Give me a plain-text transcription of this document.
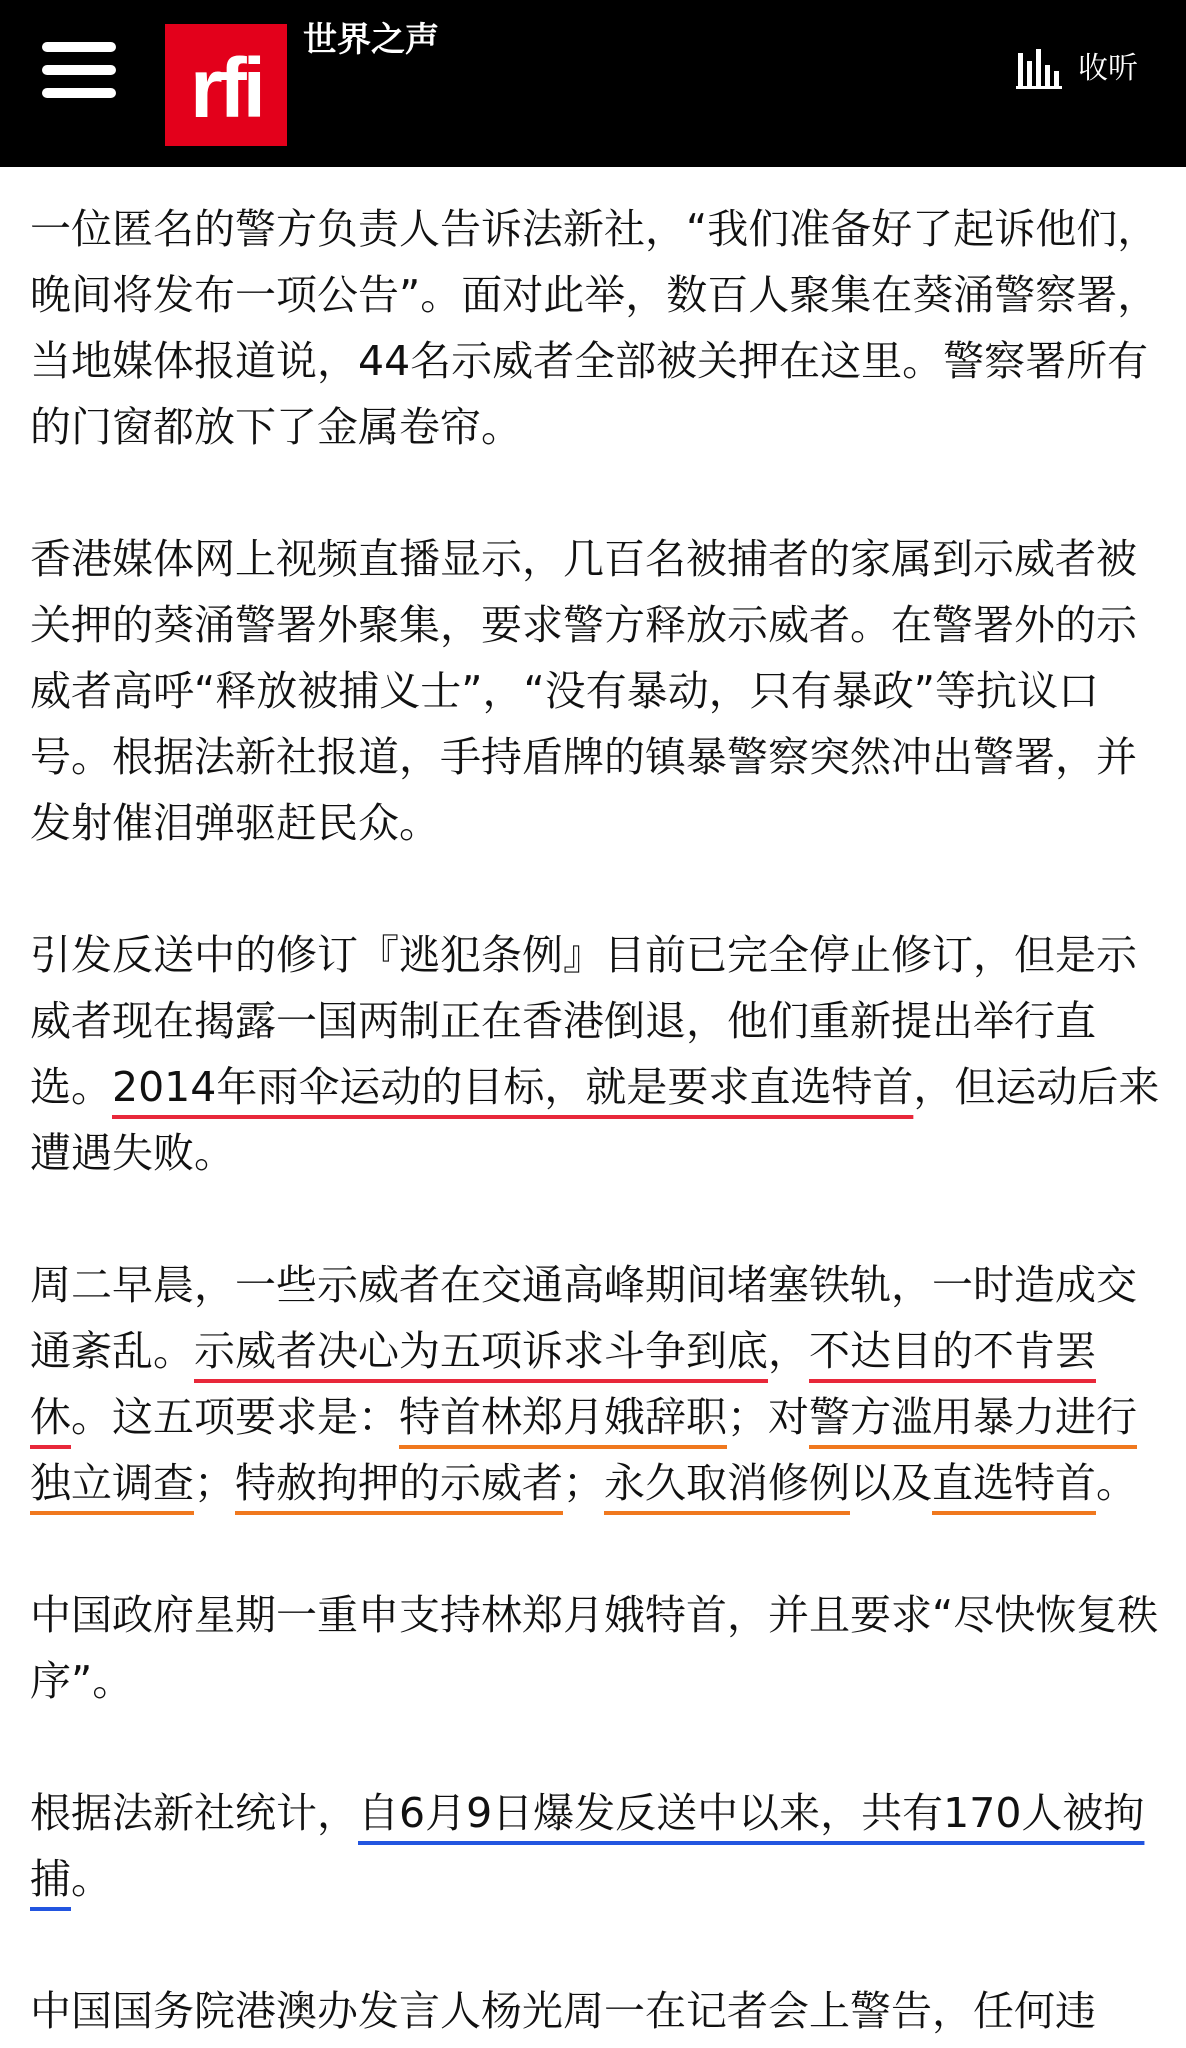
rfi
世界之声
收听

一位匿名的警方负责人告诉法新社，“我们准备好了起诉他们，晚间将发布一项公告”。面对此举，数百人聚集在葵涌警察署，当地媒体报道说，44名示威者全部被关押在这里。警察署所有的门窗都放下了金属卷帘。

香港媒体网上视频直播显示，几百名被捕者的家属到示威者被关押的葵涌警署外聚集，要求警方释放示威者。在警署外的示威者高呼“释放被捕义士”，“没有暴动，只有暴政”等抗议口号。根据法新社报道，手持盾牌的镇暴警察突然冲出警署，并发射催泪弹驱赶民众。

引发反送中的修订『逃犯条例』目前已完全停止修订，但是示威者现在揭露一国两制正在香港倒退，他们重新提出举行直选。2014年雨伞运动的目标，就是要求直选特首，但运动后来遭遇失败。

周二早晨，一些示威者在交通高峰期间堵塞铁轨，一时造成交通紊乱。示威者决心为五项诉求斗争到底，不达目的不肯罢休。这五项要求是：特首林郑月娥辞职；对警方滥用暴力进行独立调查；特赦拘押的示威者；永久取消修例以及直选特首。

中国政府星期一重申支持林郑月娥特首，并且要求“尽快恢复秩序”。

根据法新社统计，自6月9日爆发反送中以来，共有170人被拘捕。

中国国务院港澳办发言人杨光周一在记者会上警告，任何违
